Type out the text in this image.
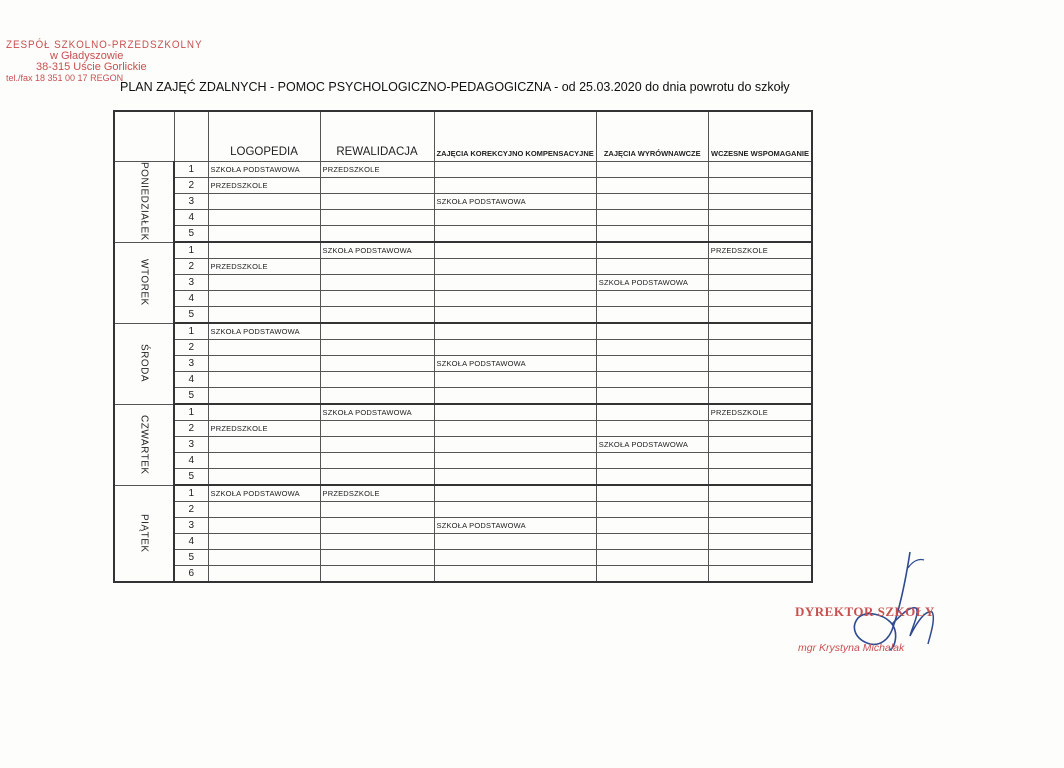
ZESPÓŁ SZKOLNO-PRZEDSZKOLNY
w Gładyszowie
38-315 Uście Gorlickie
tel./fax 18 351 00 17 REGON
PLAN ZAJĘĆ ZDALNYCH - POMOC PSYCHOLOGICZNO-PEDAGOGICZNA - od 25.03.2020 do dnia powrotu do szkoły
		LOGOPEDIA	REWALIDACJA	ZAJĘCIA KOREKCYJNO KOMPENSACYJNE	ZAJĘCIA WYRÓWNAWCZE	WCZESNE WSPOMAGANIE

PONIEDZIAŁEK	1	SZKOŁA PODSTAWOWA	PRZEDSZKOLE			
	2	PRZEDSZKOLE				
	3			SZKOŁA PODSTAWOWA		
	4					
	5					

WTOREK	1		SZKOŁA PODSTAWOWA			PRZEDSZKOLE
	2	PRZEDSZKOLE				
	3				SZKOŁA PODSTAWOWA	
	4					
	5					

ŚRODA	1	SZKOŁA PODSTAWOWA				
	2					
	3			SZKOŁA PODSTAWOWA		
	4					
	5					

CZWARTEK	1		SZKOŁA PODSTAWOWA			PRZEDSZKOLE
	2	PRZEDSZKOLE				
	3				SZKOŁA PODSTAWOWA	
	4					
	5					

PIĄTEK	1	SZKOŁA PODSTAWOWA	PRZEDSZKOLE			
	2					
	3			SZKOŁA PODSTAWOWA		
	4					
	5					
	6					
DYREKTOR SZKOŁY
mgr Krystyna Michalak
